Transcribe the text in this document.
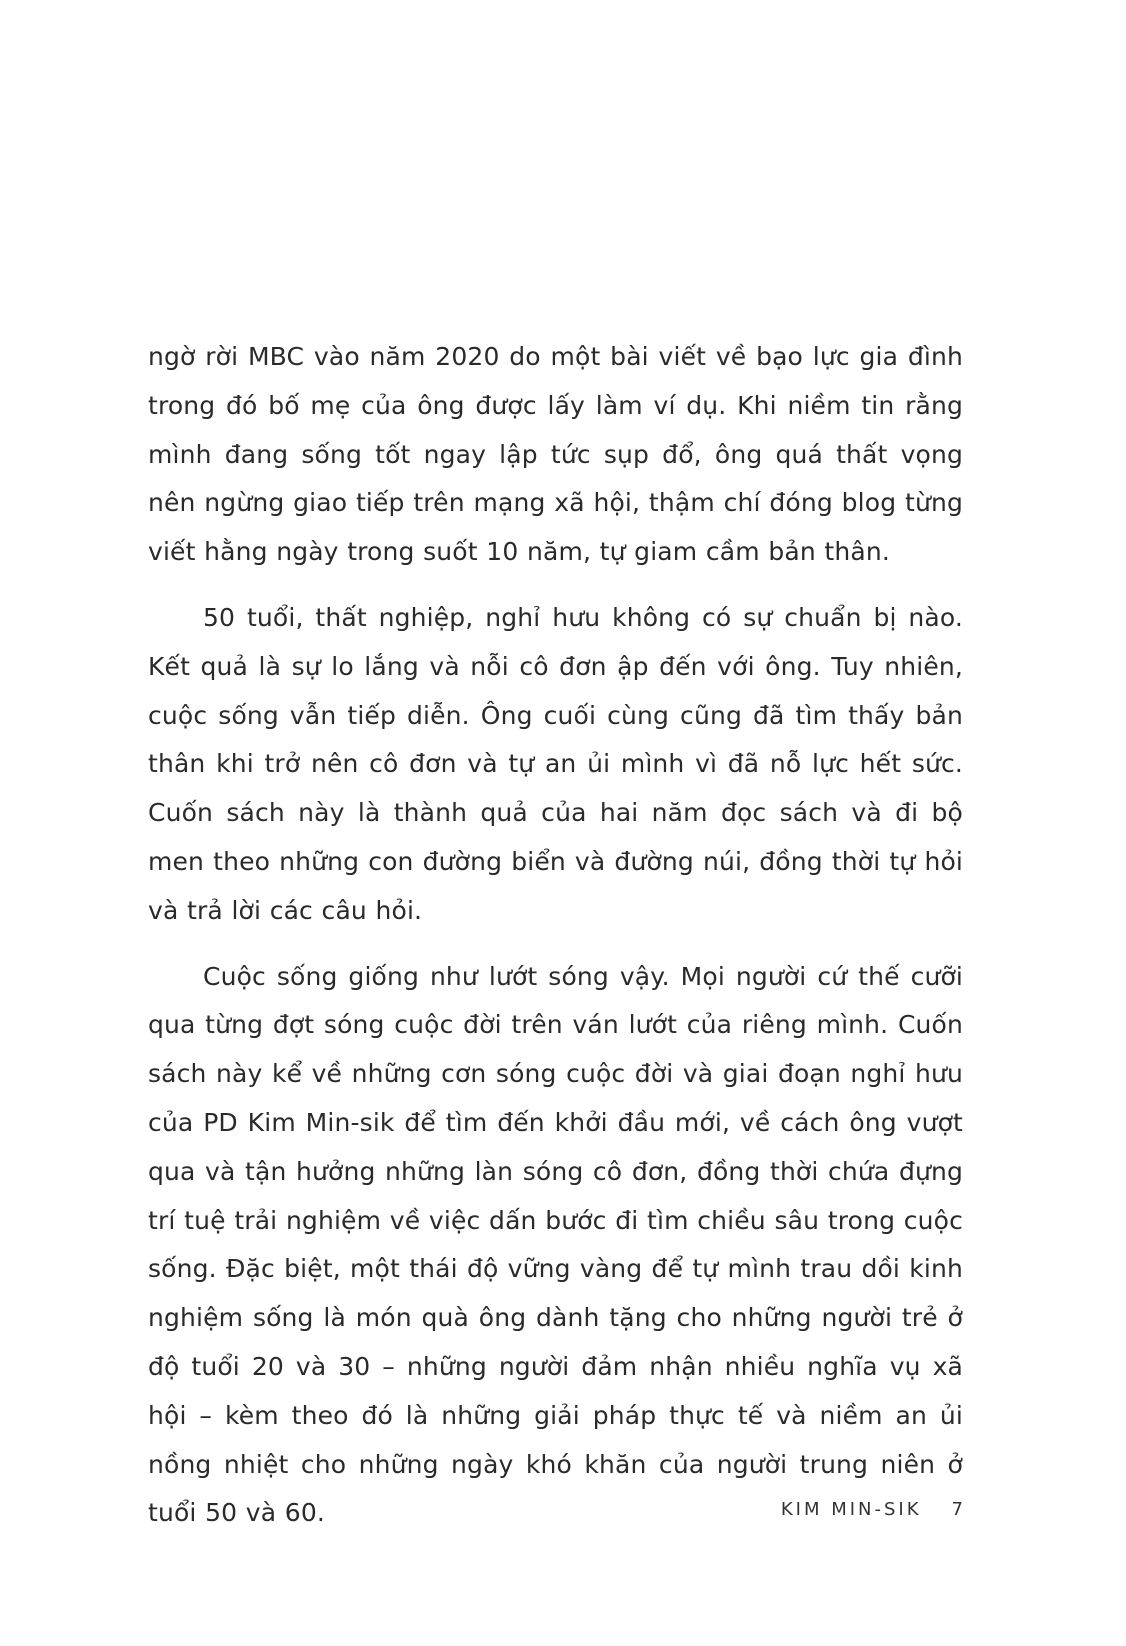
ngờ rời MBC vào năm 2020 do một bài viết về bạo lực gia đình trong đó bố mẹ của ông được lấy làm ví dụ. Khi niềm tin rằng mình đang sống tốt ngay lập tức sụp đổ, ông quá thất vọng nên ngừng giao tiếp trên mạng xã hội, thậm chí đóng blog từng viết hằng ngày trong suốt 10 năm, tự giam cầm bản thân.

50 tuổi, thất nghiệp, nghỉ hưu không có sự chuẩn bị nào. Kết quả là sự lo lắng và nỗi cô đơn ập đến với ông. Tuy nhiên, cuộc sống vẫn tiếp diễn. Ông cuối cùng cũng đã tìm thấy bản thân khi trở nên cô đơn và tự an ủi mình vì đã nỗ lực hết sức. Cuốn sách này là thành quả của hai năm đọc sách và đi bộ men theo những con đường biển và đường núi, đồng thời tự hỏi và trả lời các câu hỏi.

Cuộc sống giống như lướt sóng vậy. Mọi người cứ thế cưỡi qua từng đợt sóng cuộc đời trên ván lướt của riêng mình. Cuốn sách này kể về những cơn sóng cuộc đời và giai đoạn nghỉ hưu của PD Kim Min-sik để tìm đến khởi đầu mới, về cách ông vượt qua và tận hưởng những làn sóng cô đơn, đồng thời chứa đựng trí tuệ trải nghiệm về việc dấn bước đi tìm chiều sâu trong cuộc sống. Đặc biệt, một thái độ vững vàng để tự mình trau dồi kinh nghiệm sống là món quà ông dành tặng cho những người trẻ ở độ tuổi 20 và 30 – những người đảm nhận nhiều nghĩa vụ xã hội – kèm theo đó là những giải pháp thực tế và niềm an ủi nồng nhiệt cho những ngày khó khăn của người trung niên ở tuổi 50 và 60.	KIM MIN-SIK 7
